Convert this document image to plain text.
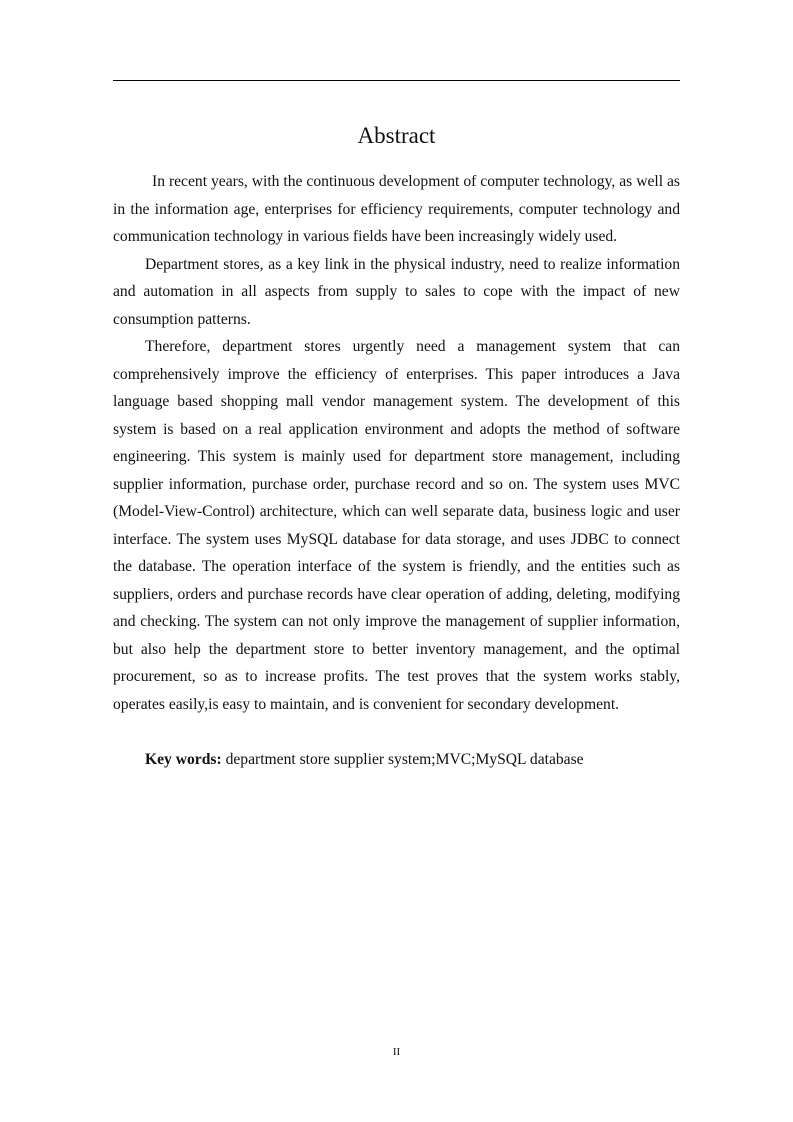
Abstract

In recent years, with the continuous development of computer technology, as well as in the information age, enterprises for efficiency requirements, computer technology and communication technology in various fields have been increasingly widely used.

Department stores, as a key link in the physical industry, need to realize information and automation in all aspects from supply to sales to cope with the impact of new consumption patterns.

Therefore, department stores urgently need a management system that can comprehensively improve the efficiency of enterprises. This paper introduces a Java language based shopping mall vendor management system. The development of this system is based on a real application environment and adopts the method of software engineering. This system is mainly used for department store management, including supplier information, purchase order, purchase record and so on. The system uses MVC (Model-View-Control) architecture, which can well separate data, business logic and user interface. The system uses MySQL database for data storage, and uses JDBC to connect the database. The operation interface of the system is friendly, and the entities such as suppliers, orders and purchase records have clear operation of adding, deleting, modifying and checking. The system can not only improve the management of supplier information, but also help the department store to better inventory management, and the optimal procurement, so as to increase profits. The test proves that the system works stably, operates easily,is easy to maintain, and is convenient for secondary development.

Key words: department store supplier system;MVC;MySQL database

II
